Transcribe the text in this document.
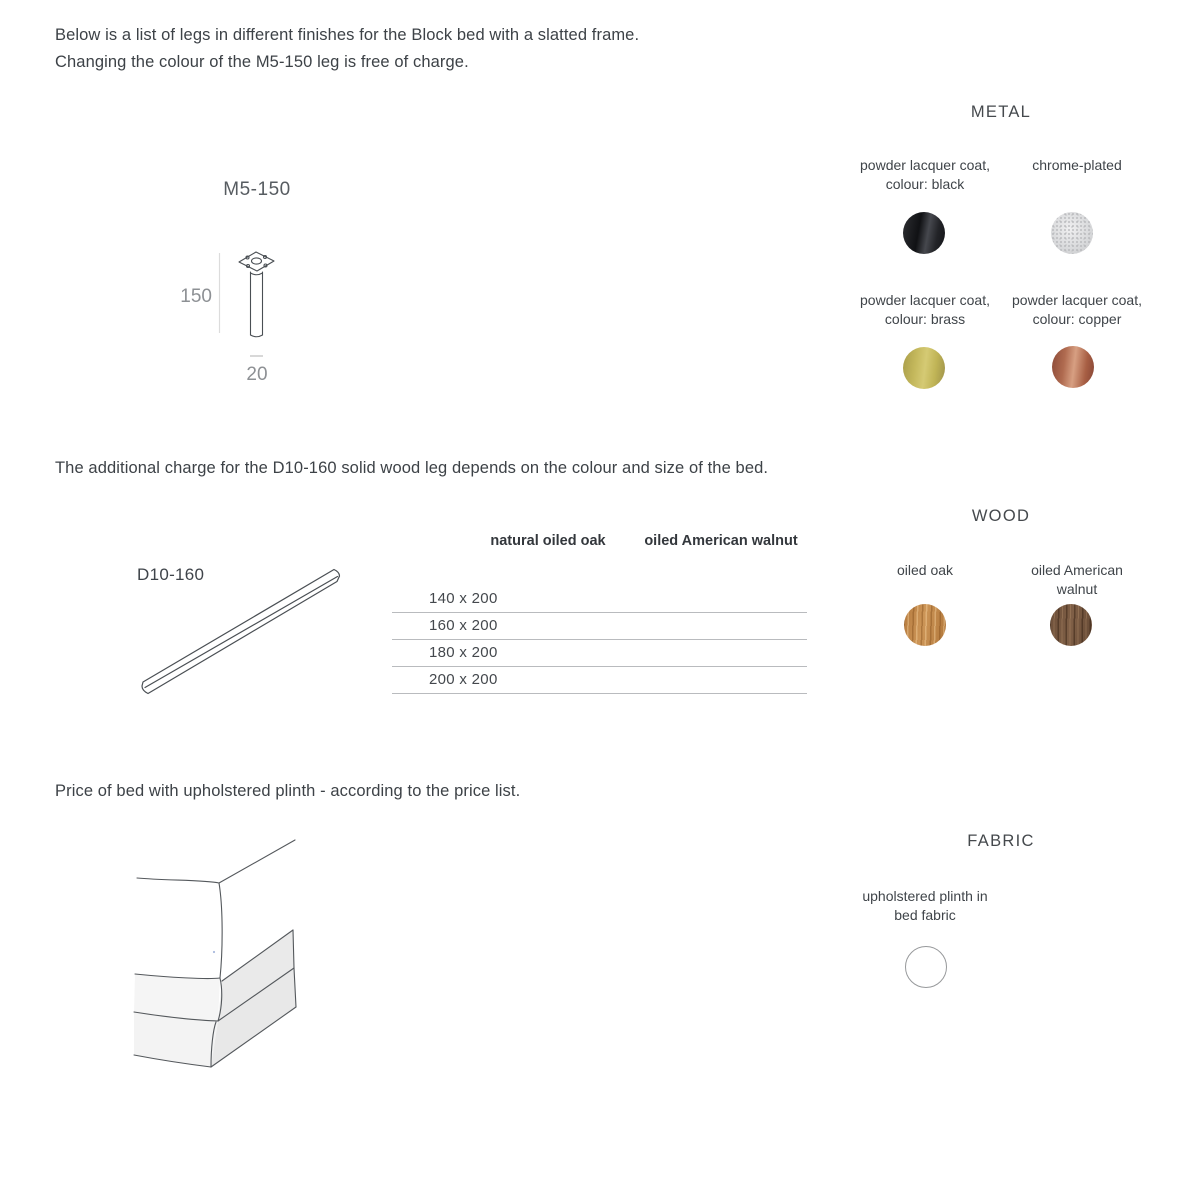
Below is a list of legs in different finishes for the Block bed with a slatted frame.
Changing the colour of the M5-150 leg is free of charge.
M5-150
150
20
METAL
powder lacquer coat,
colour: black
chrome-plated
powder lacquer coat,
colour: brass
powder lacquer coat,
colour: copper
The additional charge for the D10-160 solid wood leg depends on the colour and size of the bed.
D10-160
natural oiled oak	oiled American walnut
140 x 200
160 x 200
180 x 200
200 x 200
WOOD
oiled oak	oiled American
walnut
Price of bed with upholstered plinth - according to the price list.
FABRIC
upholstered plinth in
bed fabric
